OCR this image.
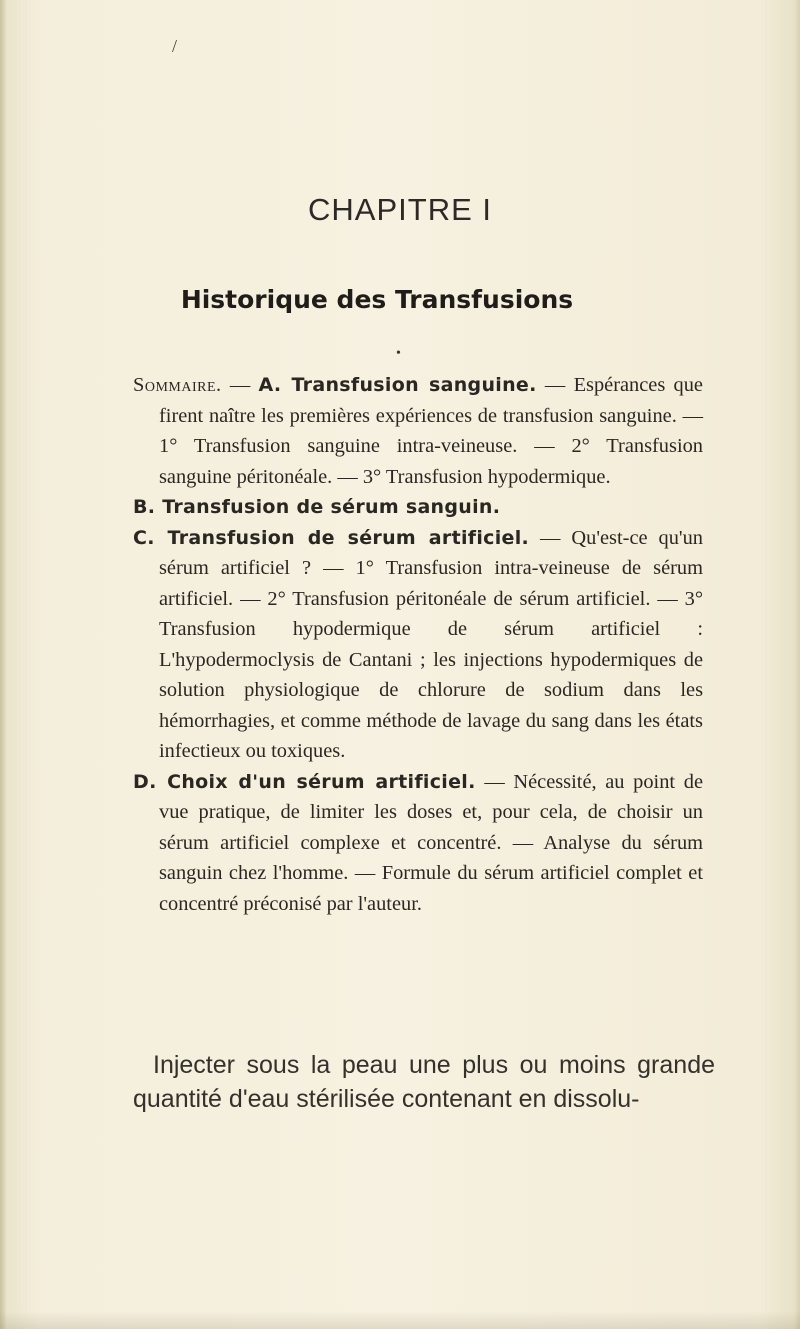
/
CHAPITRE I
Historique des Transfusions
•

Sommaire. — A. Transfusion sanguine. — Espérances que firent naître les premières expériences de transfusion sanguine. — 1° Transfusion sanguine intra-veineuse. — 2° Transfusion sanguine péritonéale. — 3° Transfusion hypodermique.

B. Transfusion de sérum sanguin.

C. Transfusion de sérum artificiel. — Qu'est-ce qu'un sérum artificiel ? — 1° Transfusion intra-veineuse de sérum artificiel. — 2° Transfusion péritonéale de sérum artificiel. — 3° Transfusion hypodermique de sérum artificiel : L'hypodermoclysis de Cantani ; les injections hypodermiques de solution physiologique de chlorure de sodium dans les hémorrhagies, et comme méthode de lavage du sang dans les états infectieux ou toxiques.

D. Choix d'un sérum artificiel. — Nécessité, au point de vue pratique, de limiter les doses et, pour cela, de choisir un sérum artificiel complexe et concentré. — Analyse du sérum sanguin chez l'homme. — Formule du sérum artificiel complet et concentré préconisé par l'auteur.

Injecter sous la peau une plus ou moins grande quantité d'eau stérilisée contenant en dissolu-
